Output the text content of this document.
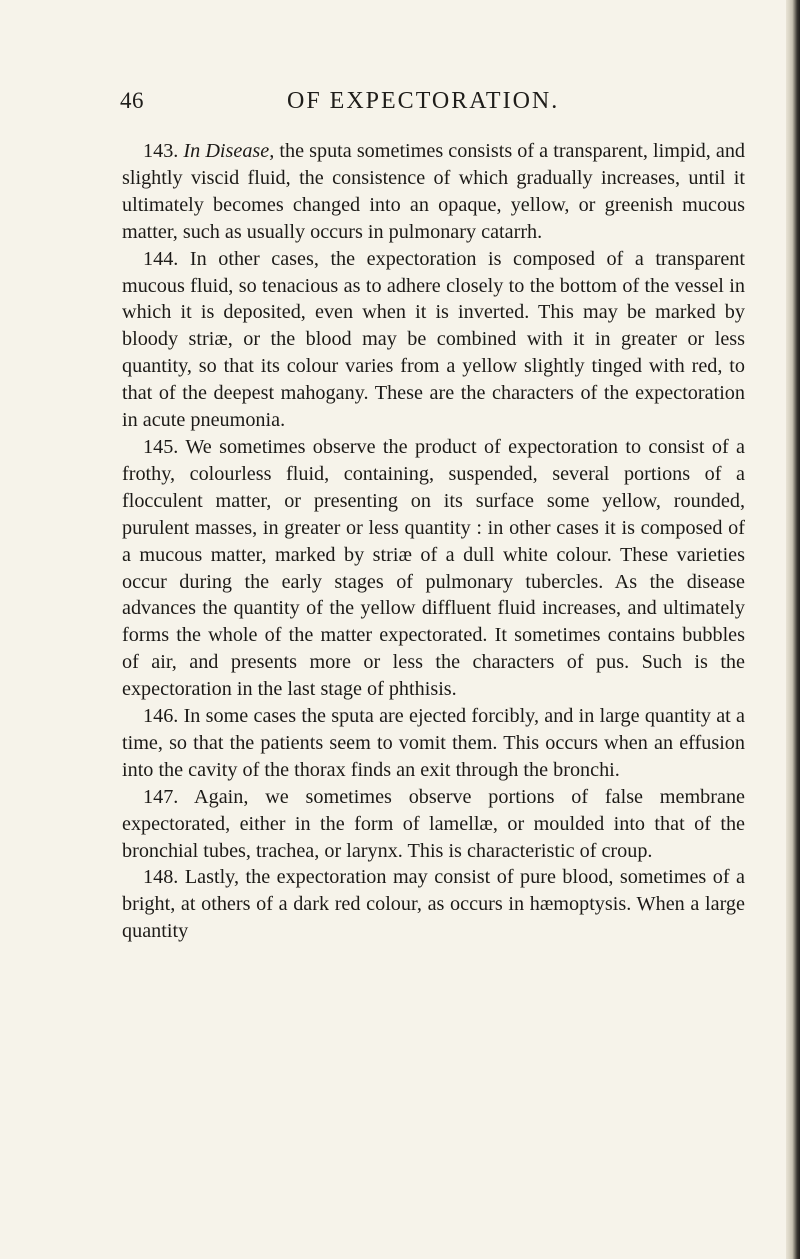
46	OF EXPECTORATION.

143. In Disease, the sputa sometimes consists of a transparent, limpid, and slightly viscid fluid, the consistence of which gradually increases, until it ultimately becomes changed into an opaque, yellow, or greenish mucous matter, such as usually occurs in pulmonary catarrh.

144. In other cases, the expectoration is composed of a transparent mucous fluid, so tenacious as to adhere closely to the bottom of the vessel in which it is deposited, even when it is inverted. This may be marked by bloody striæ, or the blood may be combined with it in greater or less quantity, so that its colour varies from a yellow slightly tinged with red, to that of the deepest mahogany. These are the characters of the expectoration in acute pneumonia.

145. We sometimes observe the product of expectoration to consist of a frothy, colourless fluid, containing, suspended, several portions of a flocculent matter, or presenting on its surface some yellow, rounded, purulent masses, in greater or less quantity : in other cases it is composed of a mucous matter, marked by striæ of a dull white colour. These varieties occur during the early stages of pulmonary tubercles. As the disease advances the quantity of the yellow diffluent fluid increases, and ultimately forms the whole of the matter expectorated. It sometimes contains bubbles of air, and presents more or less the characters of pus. Such is the expectoration in the last stage of phthisis.

146. In some cases the sputa are ejected forcibly, and in large quantity at a time, so that the patients seem to vomit them. This occurs when an effusion into the cavity of the thorax finds an exit through the bronchi.

147. Again, we sometimes observe portions of false membrane expectorated, either in the form of lamellæ, or moulded into that of the bronchial tubes, trachea, or larynx. This is characteristic of croup.

148. Lastly, the expectoration may consist of pure blood, sometimes of a bright, at others of a dark red colour, as occurs in hæmoptysis. When a large quantity
